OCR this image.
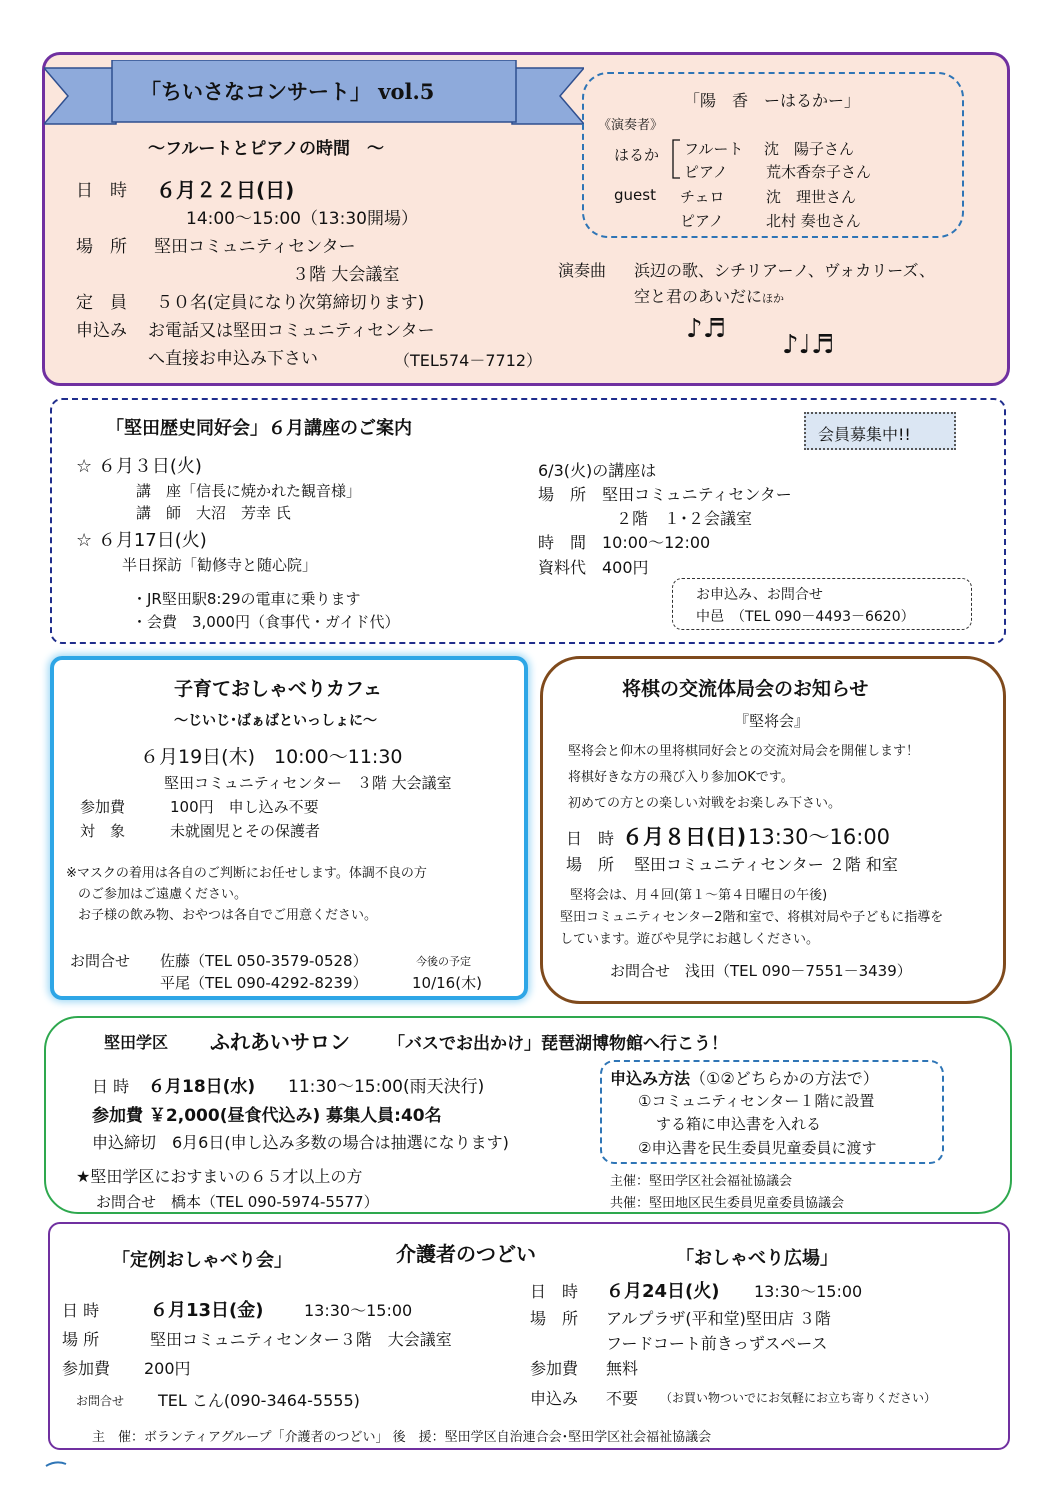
「ちいさなコンサート」 vol.5
～フルートとピアノの時間　～
日　時 ６月２２日(日)
14:00～15:00（13:30開場）
場　所 堅田コミュニティセンター
３階 大会議室
定　員 ５０名(定員になり次第締切ります)
申込み お電話又は堅田コミュニティセンター
へ直接お申込み下さい	（TEL574－7712）
「陽　香　ーはるかー」
《演奏者》
はるか フルート 沈　陽子さん
ピアノ	荒木香奈子さん
guest チェロ	沈　理世さん
ピアノ	北村 奏也さん
演奏曲 浜辺の歌、シチリアーノ、ヴォカリーズ、
空と君のあいだにほか
♪♬
♪♩♬
「堅田歴史同好会」６月講座のご案内	会員募集中!!
☆ ６月３日(火)
講　座「信長に焼かれた観音様」
講　師　大沼　芳幸 氏
☆ ６月17日(火)
半日探訪「勧修寺と随心院」
・JR堅田駅8:29の電車に乗ります
・会費　3,000円（食事代・ガイド代）
6/3(火)の講座は
場　所　堅田コミュニティセンター
２階　１･２会議室
時　間　10:00～12:00
資料代　400円
お申込み、お問合せ
中邑　（TEL 090－4493－6620）
子育ておしゃべりカフェ
～じいじ･ばぁばといっしょに～
６月19日(木)　10:00～11:30
堅田コミュニティセンター　３階 大会議室
参加費	100円　申し込み不要
対　象	未就園児とその保護者
※マスクの着用は各自のご判断にお任せします。体調不良の方
のご参加はご遠慮ください。
お子様の飲み物、おやつは各自でご用意ください。
お問合せ 佐藤（TEL 050-3579-0528）
平尾（TEL 090-4292-8239）
今後の予定
10/16(木)
将棋の交流体局会のお知らせ
『堅将会』
堅将会と仰木の里将棋同好会との交流対局会を開催します！
将棋好きな方の飛び入り参加OKです。
初めての方との楽しい対戦をお楽しみ下さい。
日　時 ６月８日(日) 13:30～16:00
場　所 堅田コミュニティセンター ２階 和室
堅将会は、月４回(第１～第４日曜日の午後)
堅田コミュニティセンター2階和室で、将棋対局や子どもに指導を
しています。遊びや見学にお越しください。
お問合せ　浅田（TEL 090－7551－3439）
堅田学区 ふれあいサロン 「バスでお出かけ」琵琶湖博物館へ行こう！
日 時 ６月18日(水) 11:30～15:00(雨天決行)
参加費 ￥2,000(昼食代込み) 募集人員:40名
申込締切　6月6日(申し込み多数の場合は抽選になります)
★堅田学区におすまいの６５才以上の方
お問合せ　橋本（TEL 090-5974-5577）
申込み方法（①②どちらかの方法で）
①コミュニティセンター１階に設置
する箱に申込書を入れる
②申込書を民生委員児童委員に渡す
主催：堅田学区社会福祉協議会
共催：堅田地区民生委員児童委員協議会
「定例おしゃべり会」	介護者のつどい	「おしゃべり広場」
日 時	６月13日(金)	13:30～15:00
場 所	堅田コミュニティセンター３階　大会議室
参加費 200円
お問合せ TEL こん(090-3464-5555)
日　時 ６月24日(火) 13:30～15:00
場　所 アルプラザ(平和堂)堅田店 ３階
フードコート前きっずスペース
参加費 無料
申込み 不要 （お買い物ついでにお気軽にお立ち寄りください）
主　催：ボランティアグループ「介護者のつどい」 後　援：堅田学区自治連合会･堅田学区社会福祉協議会
